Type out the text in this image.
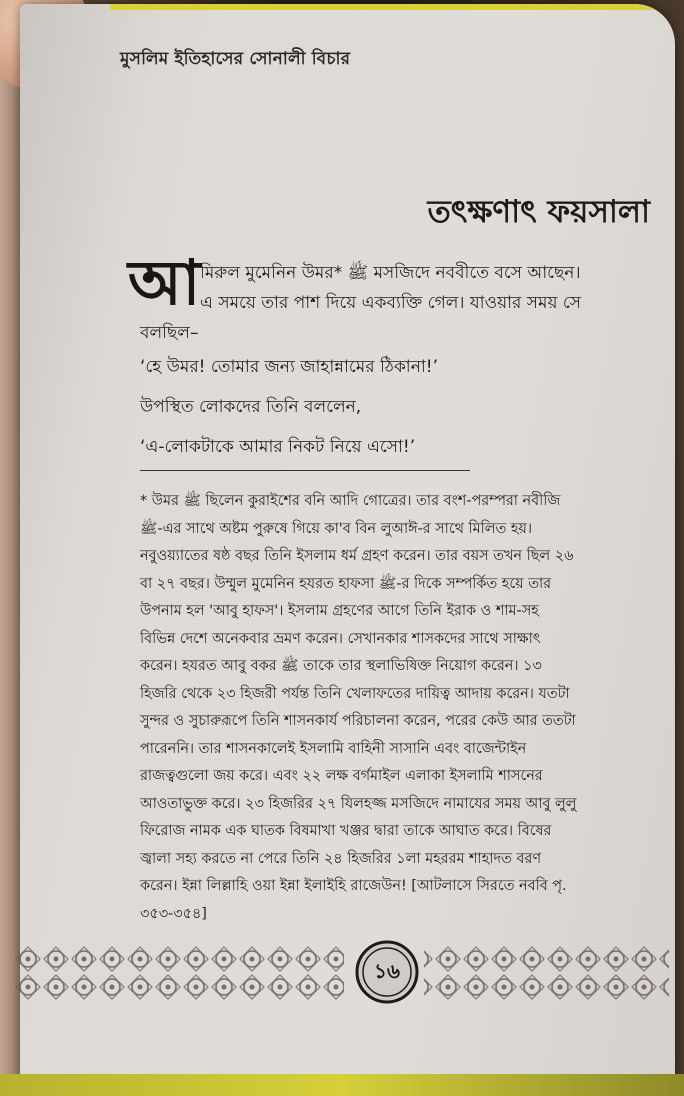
মুসলিম ইতিহাসের সোনালী বিচার
তৎক্ষণাৎ ফয়সালা
আ মিরুল মুমেনিন উমর* ﷺ মসজিদে নববীতে বসে আছেন।
এ সময়ে তার পাশ দিয়ে একব্যক্তি গেল। যাওয়ার সময় সে
বলছিল–
‘হে উমর! তোমার জন্য জাহান্নামের ঠিকানা!’
উপস্থিত লোকদের তিনি বললেন,
‘এ-লোকটাকে আমার নিকট নিয়ে এসো!’
* উমর ﷺ ছিলেন কুরাইশের বনি আদি গোত্রের। তার বংশ-পরম্পরা নবীজি
ﷺ-এর সাথে অষ্টম পুরুষে গিয়ে কা'ব বিন লুআঈ-র সাথে মিলিত হয়।
নবুওয়্যাতের ষষ্ঠ বছর তিনি ইসলাম ধর্ম গ্রহণ করেন। তার বয়স তখন ছিল ২৬
বা ২৭ বছর। উম্মুল মুমেনিন হযরত হাফসা ﷺ-র দিকে সম্পর্কিত হয়ে তার
উপনাম হল 'আবু হাফস'। ইসলাম গ্রহণের আগে তিনি ইরাক ও শাম-সহ
বিভিন্ন দেশে অনেকবার ভ্রমণ করেন। সেখানকার শাসকদের সাথে সাক্ষাৎ
করেন। হযরত আবু বকর ﷺ তাকে তার স্থলাভিষিক্ত নিয়োগ করেন। ১৩
হিজরি থেকে ২৩ হিজরী পর্যন্ত তিনি খেলাফতের দায়িত্ব আদায় করেন। যতটা
সুন্দর ও সুচারুরূপে তিনি শাসনকার্য পরিচালনা করেন, পরের কেউ আর ততটা
পারেননি। তার শাসনকালেই ইসলামি বাহিনী সাসানি এবং বাজেন্টাইন
রাজত্বগুলো জয় করে। এবং ২২ লক্ষ বর্গমাইল এলাকা ইসলামি শাসনের
আওতাভুক্ত করে। ২৩ হিজরির ২৭ যিলহজ্জ মসজিদে নামাযের সময় আবু লুলু
ফিরোজ নামক এক ঘাতক বিষমাখা খঞ্জর দ্বারা তাকে আঘাত করে। বিষের
জ্বালা সহ্য করতে না পেরে তিনি ২৪ হিজরির ১লা মহররম শাহাদত বরণ
করেন। ইন্না লিল্লাহি ওয়া ইন্না ইলাইহি রাজেউন! [আটলাসে সিরতে নববি পৃ.
৩৫৩-৩৫৪]
১৬
